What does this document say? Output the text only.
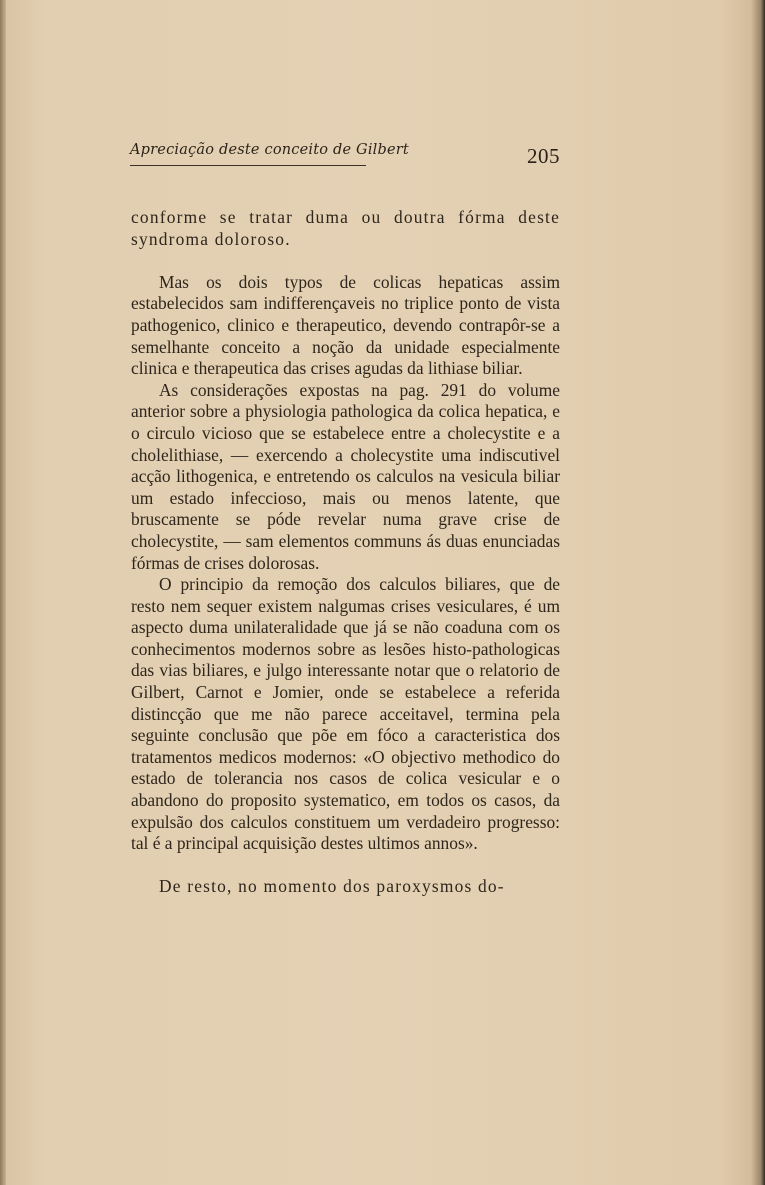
Apreciação deste conceito de Gilbert	205

conforme se tratar duma ou doutra fórma deste syndroma doloroso.

Mas os dois typos de colicas hepaticas assim estabelecidos sam indifferençaveis no triplice ponto de vista pathogenico, clinico e therapeutico, devendo contrapôr-se a semelhante conceito a noção da unidade especialmente clinica e therapeutica das crises agudas da lithiase biliar.

As considerações expostas na pag. 291 do volume anterior sobre a physiologia pathologica da colica hepatica, e o circulo vicioso que se estabelece entre a cholecystite e a cholelithiase, — exercendo a cholecystite uma indiscutivel acção lithogenica, e entretendo os calculos na vesicula biliar um estado infeccioso, mais ou menos latente, que bruscamente se póde revelar numa grave crise de cholecystite, — sam elementos communs ás duas enunciadas fórmas de crises dolorosas.

O principio da remoção dos calculos biliares, que de resto nem sequer existem nalgumas crises vesiculares, é um aspecto duma unilateralidade que já se não coaduna com os conhecimentos modernos sobre as lesões histo-pathologicas das vias biliares, e julgo interessante notar que o relatorio de Gilbert, Carnot e Jomier, onde se estabelece a referida distincção que me não parece acceitavel, termina pela seguinte conclusão que põe em fóco a caracteristica dos tratamentos medicos modernos: «O objectivo methodico do estado de tolerancia nos casos de colica vesicular e o abandono do proposito systematico, em todos os casos, da expulsão dos calculos constituem um verdadeiro progresso: tal é a principal acquisição destes ultimos annos».

De resto, no momento dos paroxysmos do-
